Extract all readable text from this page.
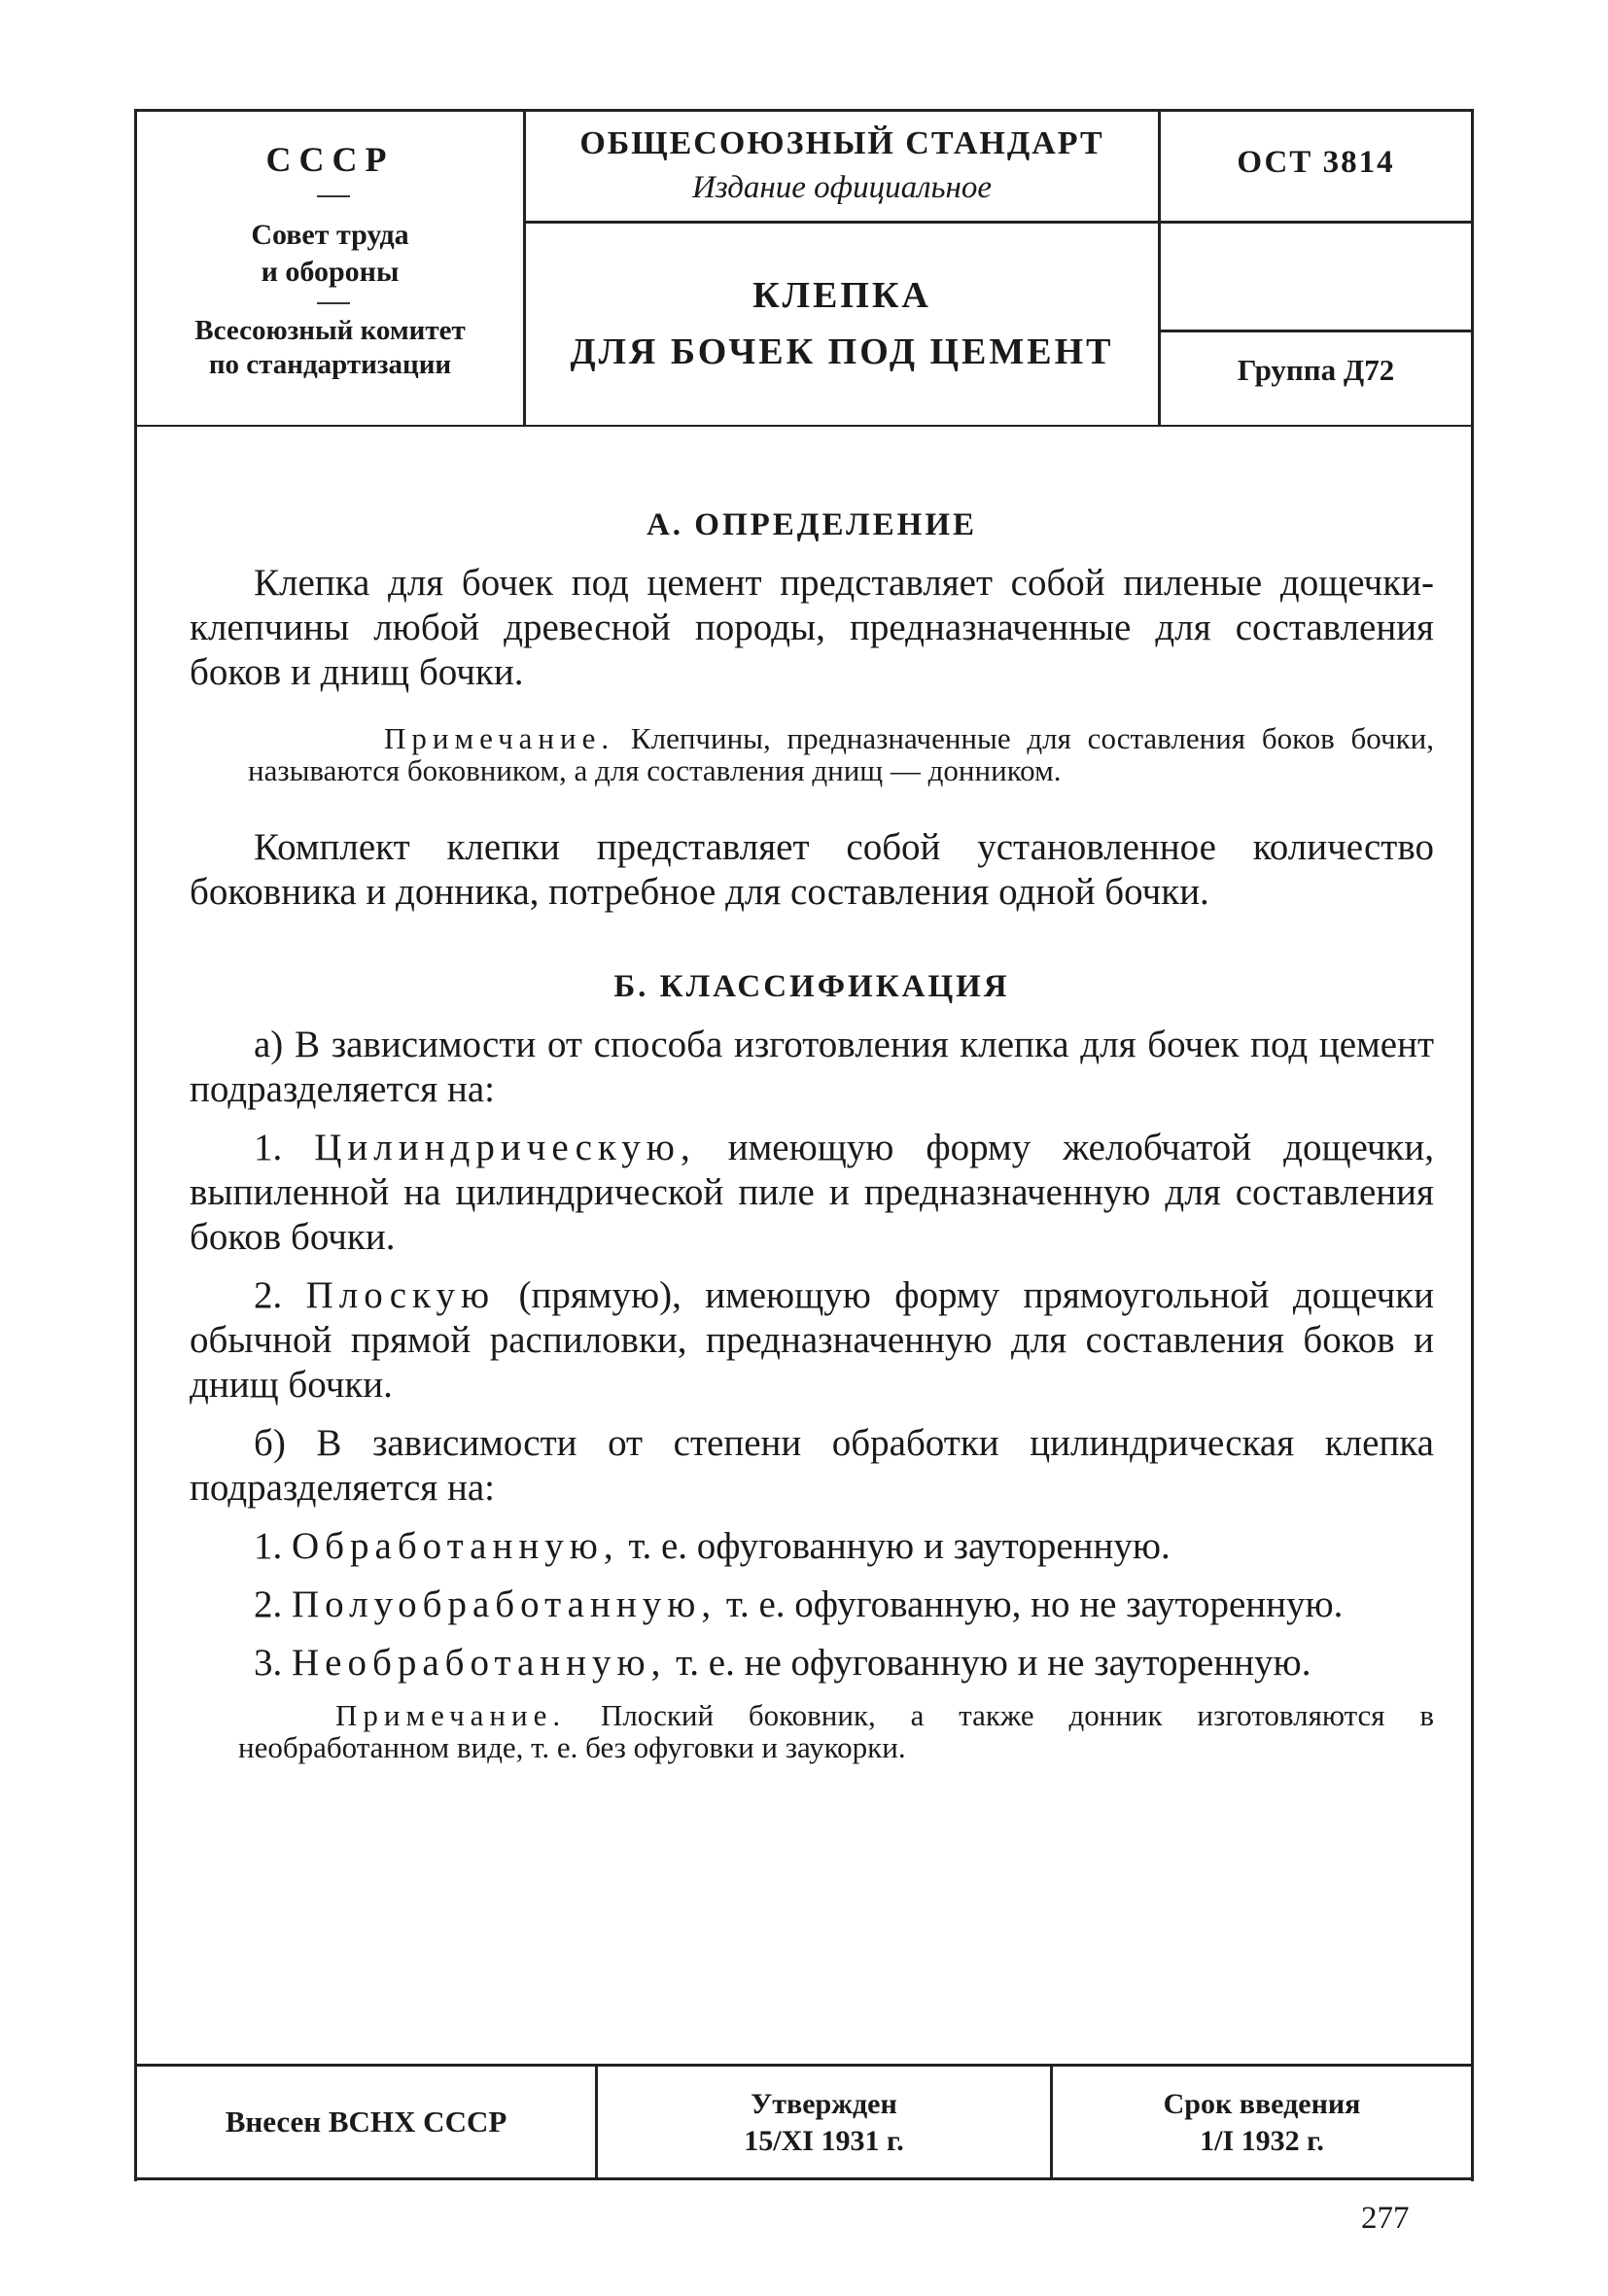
СССР
Совет труда
и обороны
Всесоюзный комитет
по стандартизации
ОБЩЕСОЮЗНЫЙ СТАНДАРТ
Издание официальное
КЛЕПКА
ДЛЯ БОЧЕК ПОД ЦЕМЕНТ
ОСТ 3814
Группа Д72
А. ОПРЕДЕЛЕНИЕ

Клепка для бочек под цемент представляет собой пиленые дощечки-клепчины любой древесной породы, предназначенные для составления боков и днищ бочки.

Примечание. Клепчины, предназначенные для составления боков бочки, называются боковником, а для составления днищ — донником.

Комплект клепки представляет собой установленное количество боковника и донника, потребное для составления одной бочки.

Б. КЛАССИФИКАЦИЯ

а) В зависимости от способа изготовления клепка для бочек под цемент подразделяется на:

1. Цилиндрическую, имеющую форму желобчатой дощечки, выпиленной на цилиндрической пиле и предназначенную для составления боков бочки.

2. Плоскую (прямую), имеющую форму прямоугольной дощечки обычной прямой распиловки, предназначенную для составления боков и днищ бочки.

б) В зависимости от степени обработки цилиндрическая клепка подразделяется на:

1. Обработанную, т. е. офугованную и зауторенную.

2. Полуобработанную, т. е. офугованную, но не зауторенную.

3. Необработанную, т. е. не офугованную и не зауторенную.

Примечание. Плоский боковник, а также донник изготовляются в необработанном виде, т. е. без офуговки и заукорки.

Внесен ВСНХ СССР
Утвержден
15/XI 1931 г.
Срок введения
1/I 1932 г.
277
